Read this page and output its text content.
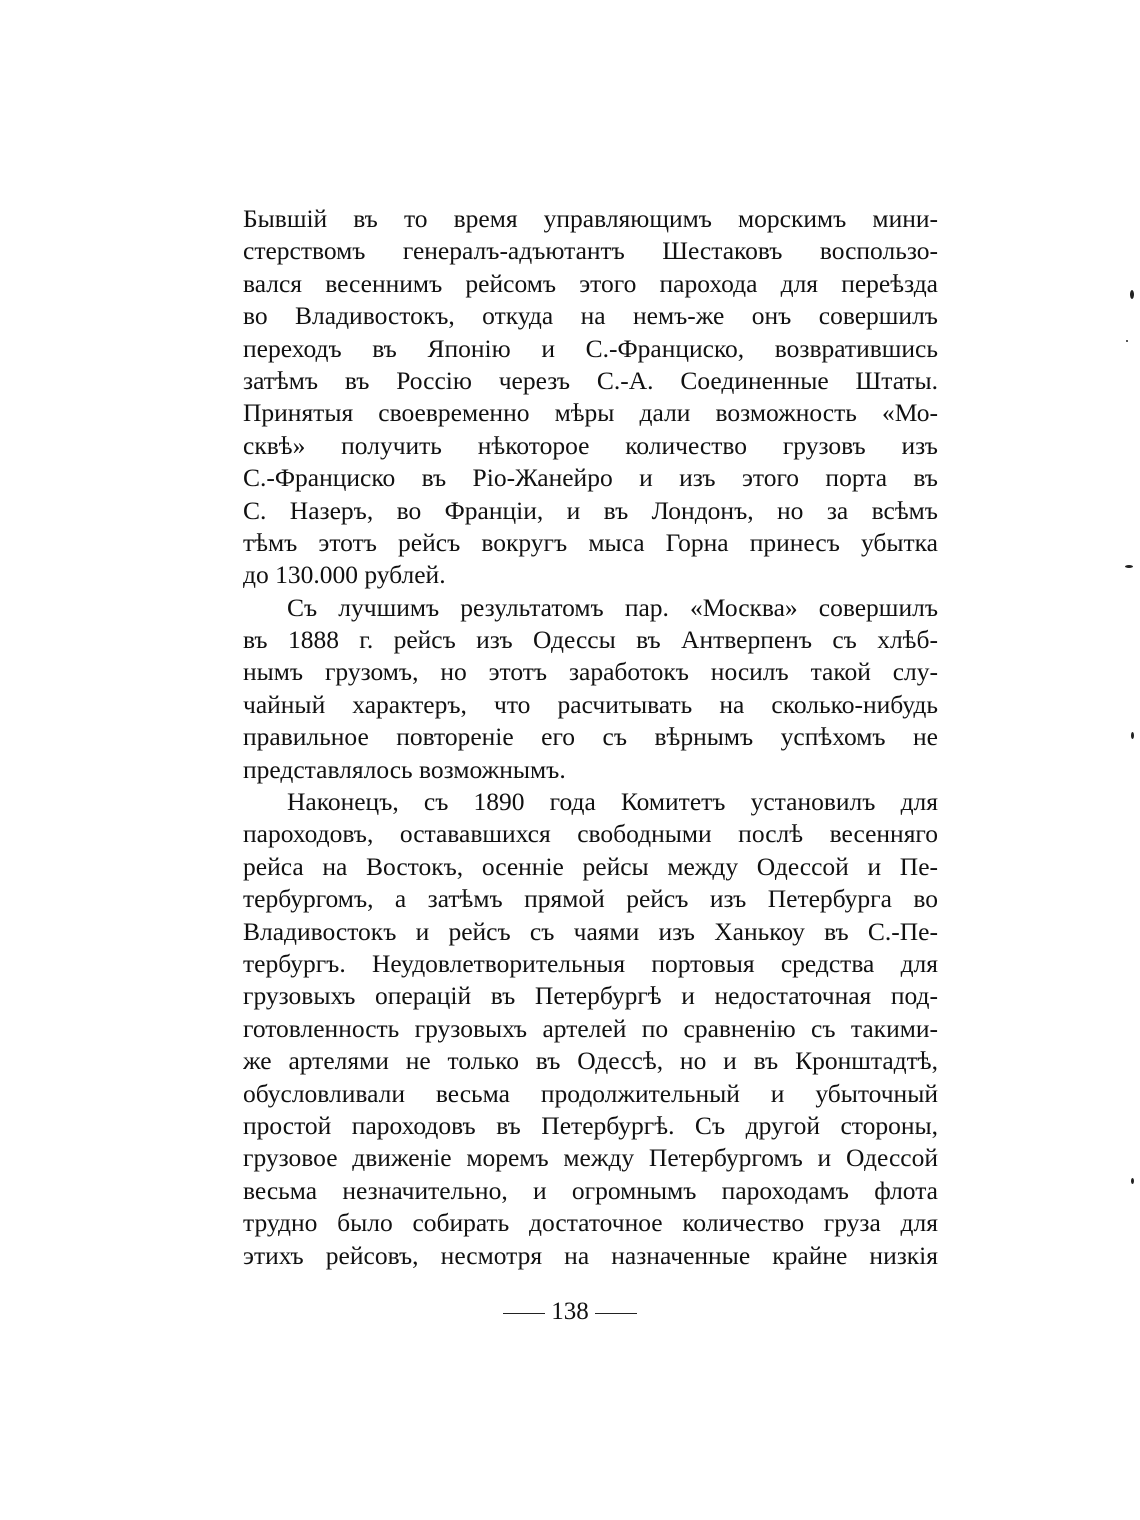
Бывшій въ то время управляющимъ морскимъ мини-
стерствомъ генералъ-адъютантъ Шестаковъ воспользо-
вался весеннимъ рейсомъ этого парохода для переѣзда
во Владивостокъ, откуда на немъ-же онъ совершилъ
переходъ въ Японію и С.-Франциско, возвратившись
затѣмъ въ Россію черезъ С.-А. Соединенные Штаты.
Принятыя своевременно мѣры дали возможность «Мо-
сквѣ» получить нѣкоторое количество грузовъ изъ
С.-Франциско въ Ріо-Жанейро и изъ этого порта въ
С. Назеръ, во Франціи, и въ Лондонъ, но за всѣмъ
тѣмъ этотъ рейсъ вокругъ мыса Горна принесъ убытка
до 130.000 рублей.
Съ лучшимъ результатомъ пар. «Москва» совершилъ
въ 1888 г. рейсъ изъ Одессы въ Антверпенъ съ хлѣб-
нымъ грузомъ, но этотъ заработокъ носилъ такой слу-
чайный характеръ, что расчитывать на сколько-нибудь
правильное повтореніе его съ вѣрнымъ успѣхомъ не
представлялось возможнымъ.
Наконецъ, съ 1890 года Комитетъ установилъ для
пароходовъ, остававшихся свободными послѣ весенняго
рейса на Востокъ, осенніе рейсы между Одессой и Пе-
тербургомъ, а затѣмъ прямой рейсъ изъ Петербурга во
Владивостокъ и рейсъ съ чаями изъ Ханькоу въ С.-Пе-
тербургъ. Неудовлетворительныя портовыя средства для
грузовыхъ операцій въ Петербургѣ и недостаточная под-
готовленность грузовыхъ артелей по сравненію съ такими-
же артелями не только въ Одессѣ, но и въ Кронштадтѣ,
обусловливали весьма продолжительный и убыточный
простой пароходовъ въ Петербургѣ. Съ другой стороны,
грузовое движеніе моремъ между Петербургомъ и Одессой
весьма незначительно, и огромнымъ пароходамъ флота
трудно было собирать достаточное количество груза для
этихъ рейсовъ, несмотря на назначенные крайне низкія
138
